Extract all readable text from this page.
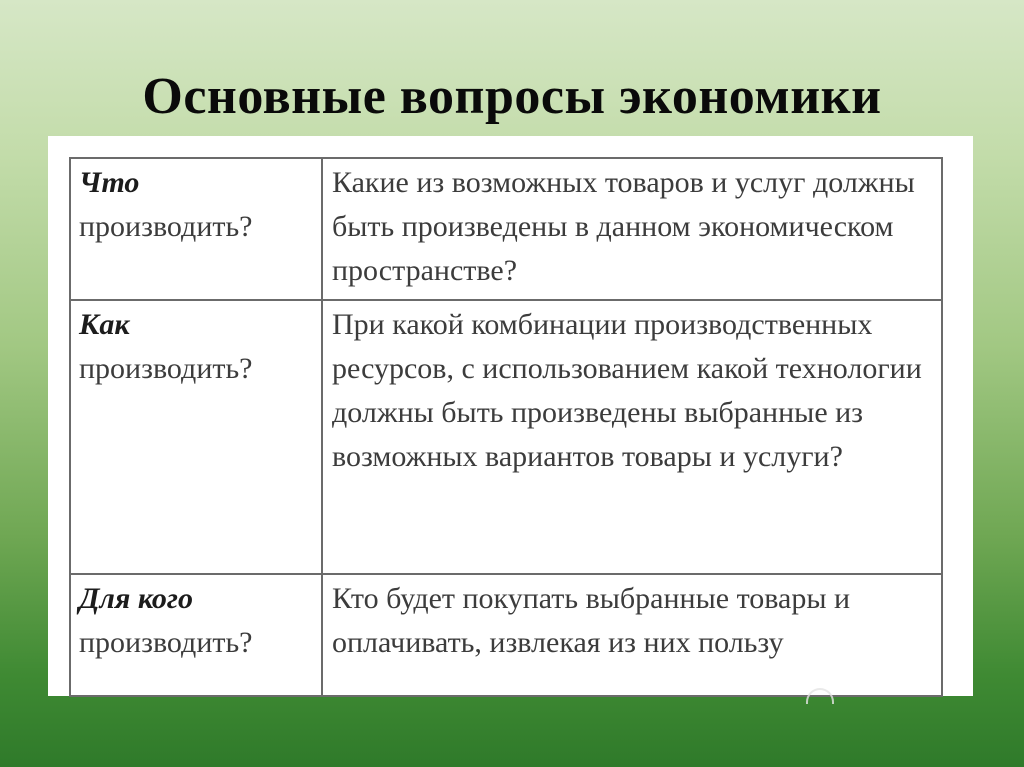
Основные вопросы экономики
Что
производить?	Какие из возможных товаров и услуг должны быть произведены в данном экономическом пространстве?

Как
производить?	При какой комбинации производственных ресурсов, с использованием какой технологии должны быть произведены выбранные из возможных вариантов товары и услуги?

Для кого
производить?	Кто будет покупать выбранные товары и оплачивать, извлекая из них пользу
